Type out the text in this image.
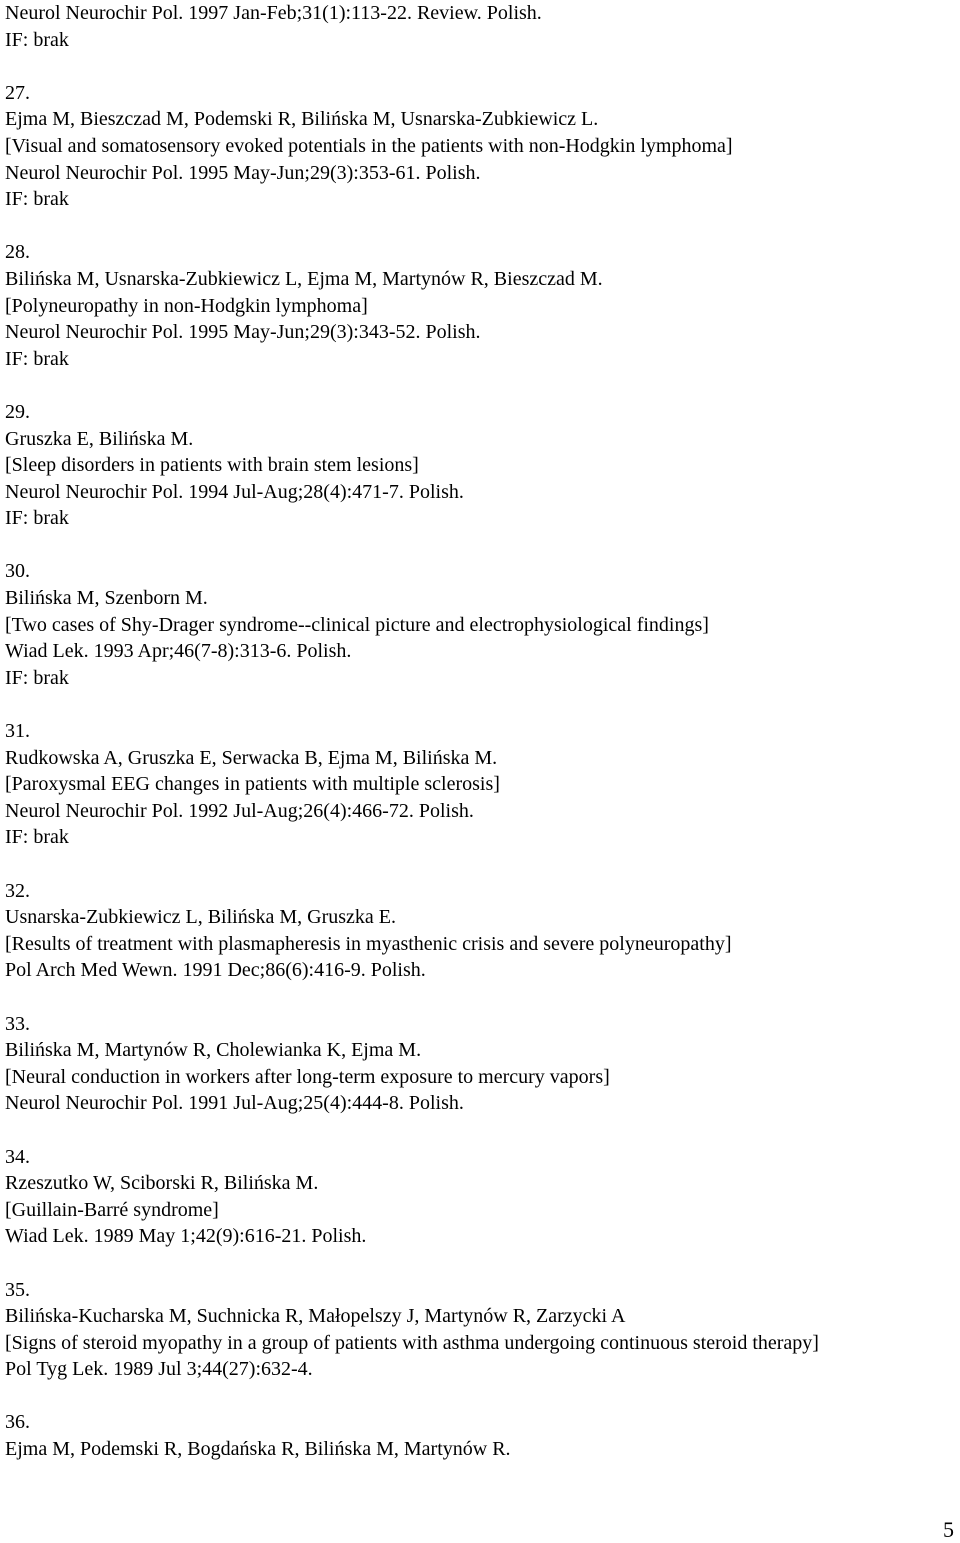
Neurol Neurochir Pol. 1997 Jan-Feb;31(1):113-22. Review. Polish.
IF: brak
27.
Ejma M, Bieszczad M, Podemski R, Bilińska M, Usnarska-Zubkiewicz L.
[Visual and somatosensory evoked potentials in the patients with non-Hodgkin lymphoma]
Neurol Neurochir Pol. 1995 May-Jun;29(3):353-61. Polish.
IF: brak
28.
Bilińska M, Usnarska-Zubkiewicz L, Ejma M, Martynów R, Bieszczad M.
[Polyneuropathy in non-Hodgkin lymphoma]
Neurol Neurochir Pol. 1995 May-Jun;29(3):343-52. Polish.
IF: brak
29.
Gruszka E, Bilińska M.
[Sleep disorders in patients with brain stem lesions]
Neurol Neurochir Pol. 1994 Jul-Aug;28(4):471-7. Polish.
IF: brak
30.
Bilińska M, Szenborn M.
[Two cases of Shy-Drager syndrome--clinical picture and electrophysiological findings]
Wiad Lek. 1993 Apr;46(7-8):313-6. Polish.
IF: brak
31.
Rudkowska A, Gruszka E, Serwacka B, Ejma M, Bilińska M.
[Paroxysmal EEG changes in patients with multiple sclerosis]
Neurol Neurochir Pol. 1992 Jul-Aug;26(4):466-72. Polish.
IF: brak
32.
Usnarska-Zubkiewicz L, Bilińska M, Gruszka E.
[Results of treatment with plasmapheresis in myasthenic crisis and severe polyneuropathy]
Pol Arch Med Wewn. 1991 Dec;86(6):416-9. Polish.
33.
Bilińska M, Martynów R, Cholewianka K, Ejma M.
[Neural conduction in workers after long-term exposure to mercury vapors]
Neurol Neurochir Pol. 1991 Jul-Aug;25(4):444-8. Polish.
34.
Rzeszutko W, Sciborski R, Bilińska M.
[Guillain-Barré syndrome]
Wiad Lek. 1989 May 1;42(9):616-21. Polish.
35.
Bilińska-Kucharska M, Suchnicka R, Małopelszy J, Martynów R, Zarzycki A
[Signs of steroid myopathy in a group of patients with asthma undergoing continuous steroid therapy]
Pol Tyg Lek. 1989 Jul 3;44(27):632-4.
36.
Ejma M, Podemski R, Bogdańska R, Bilińska M, Martynów R.
5
